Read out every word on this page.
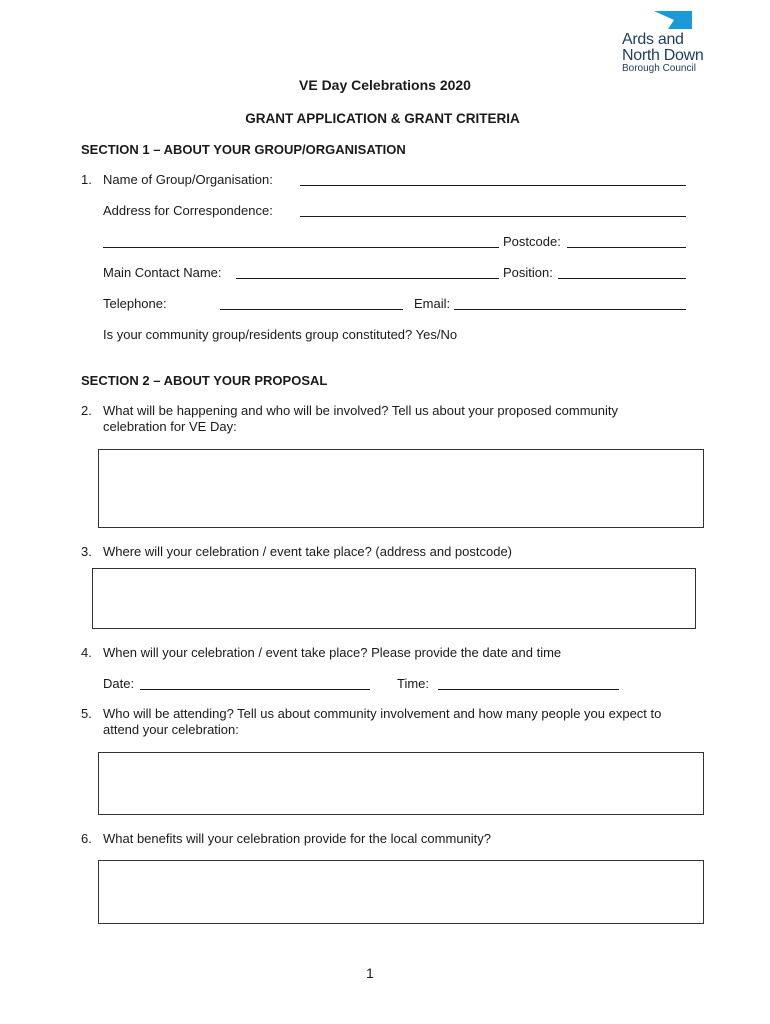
Ards and
North Down
Borough Council
VE Day Celebrations 2020
GRANT APPLICATION & GRANT CRITERIA
SECTION 1 – ABOUT YOUR GROUP/ORGANISATION
1. Name of Group/Organisation:
Address for Correspondence:
Postcode:
Main Contact Name:	Position:
Telephone:	Email:
Is your community group/residents group constituted? Yes/No
SECTION 2 – ABOUT YOUR PROPOSAL
2. What will be happening and who will be involved? Tell us about your proposed community celebration for VE Day:
3. Where will your celebration / event take place? (address and postcode)
4. When will your celebration / event take place? Please provide the date and time
Date:	Time:
5. Who will be attending? Tell us about community involvement and how many people you expect to attend your celebration:
6. What benefits will your celebration provide for the local community?
1
